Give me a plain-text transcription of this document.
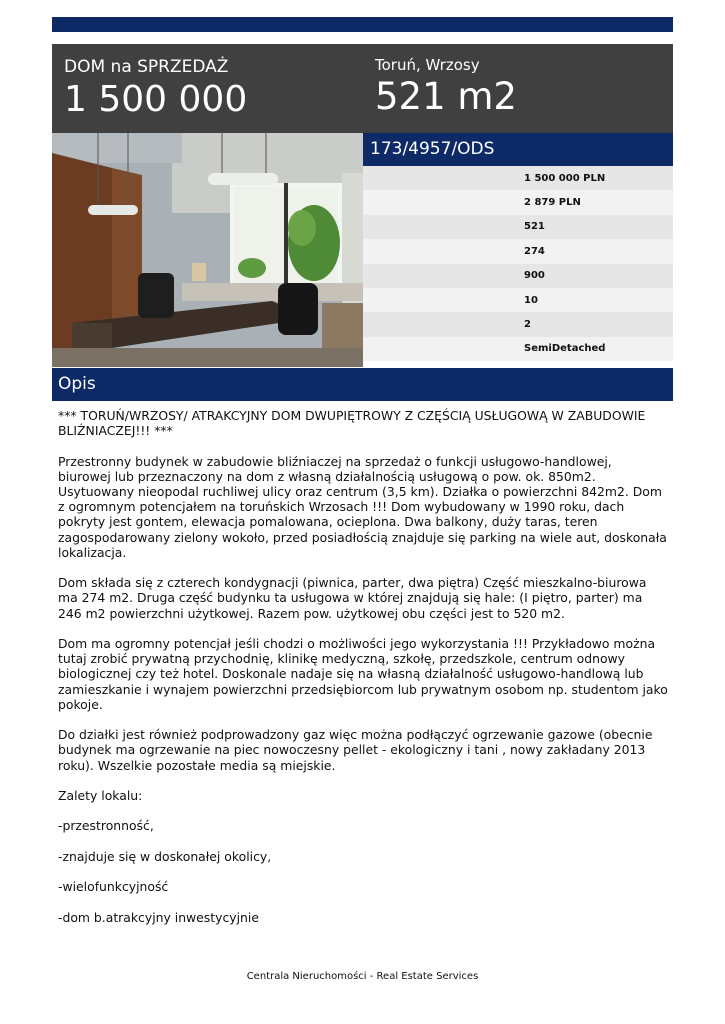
DOM na SPRZEDAŻ
1 500 000
Toruń, Wrzosy
521 m2
173/4957/ODS
1 500 000 PLN
2 879 PLN
521
274
900
10
2
SemiDetached
Opis

*** TORUŃ/WRZOSY/ ATRAKCYJNY DOM DWUPIĘTROWY Z CZĘŚCIĄ USŁUGOWĄ W ZABUDOWIE BLIŹNIACZEJ!!! ***

Przestronny budynek w zabudowie bliźniaczej na sprzedaż o funkcji usługowo-handlowej, biurowej lub przeznaczony na dom z własną działalnością usługową o pow. ok. 850m2. Usytuowany nieopodal ruchliwej ulicy oraz centrum (3,5 km). Działka o powierzchni 842m2. Dom z ogromnym potencjałem na toruńskich Wrzosach !!! Dom wybudowany w 1990 roku, dach pokryty jest gontem, elewacja pomalowana, ocieplona. Dwa balkony, duży taras, teren zagospodarowany zielony wokoło, przed posiadłością znajduje się parking na wiele aut, doskonała lokalizacja.

Dom składa się z czterech kondygnacji (piwnica, parter, dwa piętra) Część mieszkalno-biurowa ma 274 m2. Druga część budynku ta usługowa w której znajdują się hale: (I piętro, parter) ma 246 m2 powierzchni użytkowej. Razem pow. użytkowej obu części jest to 520 m2.

Dom ma ogromny potencjał jeśli chodzi o możliwości jego wykorzystania !!! Przykładowo można tutaj zrobić prywatną przychodnię, klinikę medyczną, szkołę, przedszkole, centrum odnowy biologicznej czy też hotel. Doskonale nadaje się na własną działalność usługowo-handlową lub zamieszkanie i wynajem powierzchni przedsiębiorcom lub prywatnym osobom np. studentom jako pokoje.

Do działki jest również podprowadzony gaz więc można podłączyć ogrzewanie gazowe (obecnie budynek ma ogrzewanie na piec nowoczesny pellet - ekologiczny i tani , nowy zakładany 2013 roku). Wszelkie pozostałe media są miejskie.

Zalety lokalu:

-przestronność,

-znajduje się w doskonałej okolicy,

-wielofunkcyjność

-dom b.atrakcyjny inwestycyjnie

Centrala Nieruchomości - Real Estate Services
